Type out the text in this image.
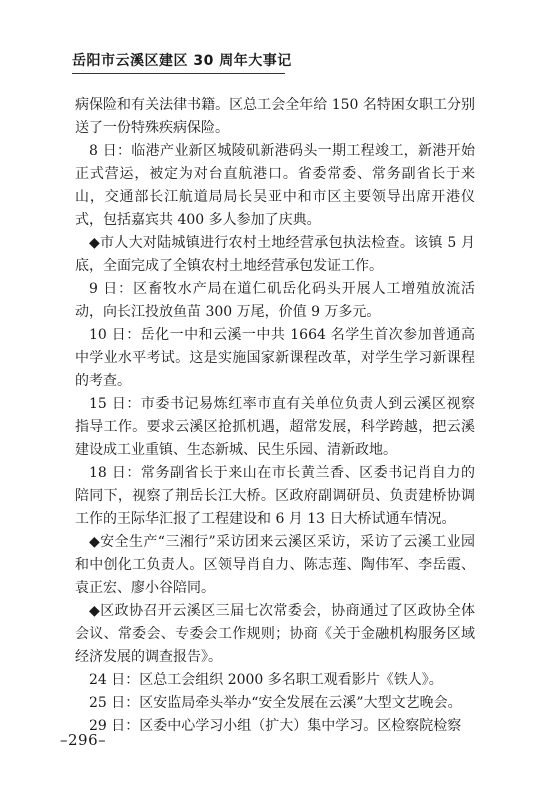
岳阳市云溪区建区 30 周年大事记

病保险和有关法律书籍。区总工会全年给 150 名特困女职工分别送了一份特殊疾病保险。

8 日：临港产业新区城陵矶新港码头一期工程竣工，新港开始正式营运，被定为对台直航港口。省委常委、常务副省长于来山，交通部长江航道局局长吴亚中和市区主要领导出席开港仪式，包括嘉宾共 400 多人参加了庆典。

◆市人大对陆城镇进行农村土地经营承包执法检查。该镇 5 月底，全面完成了全镇农村土地经营承包发证工作。

9 日：区畜牧水产局在道仁矶岳化码头开展人工增殖放流活动，向长江投放鱼苗 300 万尾，价值 9 万多元。

10 日：岳化一中和云溪一中共 1664 名学生首次参加普通高中学业水平考试。这是实施国家新课程改革，对学生学习新课程的考查。

15 日：市委书记易炼红率市直有关单位负责人到云溪区视察指导工作。要求云溪区抢抓机遇，超常发展，科学跨越，把云溪建设成工业重镇、生态新城、民生乐园、清新政地。

18 日：常务副省长于来山在市长黄兰香、区委书记肖自力的陪同下，视察了荆岳长江大桥。区政府副调研员、负责建桥协调工作的王际华汇报了工程建设和 6 月 13 日大桥试通车情况。

◆安全生产“三湘行”采访团来云溪区采访，采访了云溪工业园和中创化工负责人。区领导肖自力、陈志莲、陶伟军、李岳霞、袁正宏、廖小谷陪同。

◆区政协召开云溪区三届七次常委会，协商通过了区政协全体会议、常委会、专委会工作规则；协商《关于金融机构服务区域经济发展的调查报告》。

24 日：区总工会组织 2000 多名职工观看影片《铁人》。

25 日：区安监局牵头举办“安全发展在云溪”大型文艺晚会。

29 日：区委中心学习小组（扩大）集中学习。区检察院检察

–296–
